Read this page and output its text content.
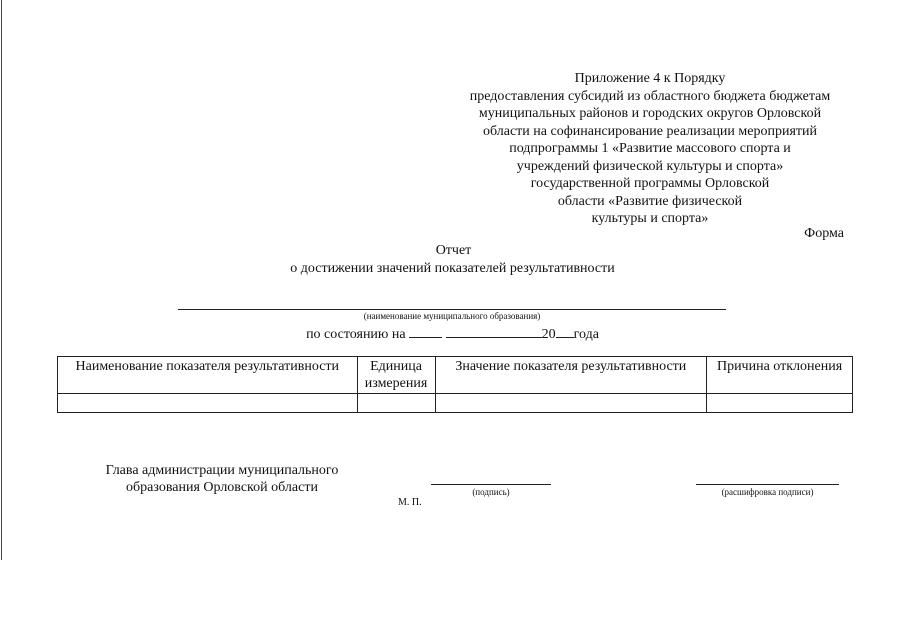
Приложение 4 к Порядку
предоставления субсидий из областного бюджета бюджетам
муниципальных районов и городских округов Орловской
области на софинансирование реализации мероприятий
подпрограммы 1 «Развитие массового спорта и
учреждений физической культуры и спорта»
государственной программы Орловской
области «Развитие физической
культуры и спорта»
Форма
Отчет
о достижении значений показателей результативности
(наименование муниципального образования)
по состоянию на	20 года
Наименование показателя результативности	Единица измерения	Значение показателя результативности	Причина отклонения

Глава администрации муниципального
образования Орловской области	(подпись)	(расшифровка подписи)
М. П.
